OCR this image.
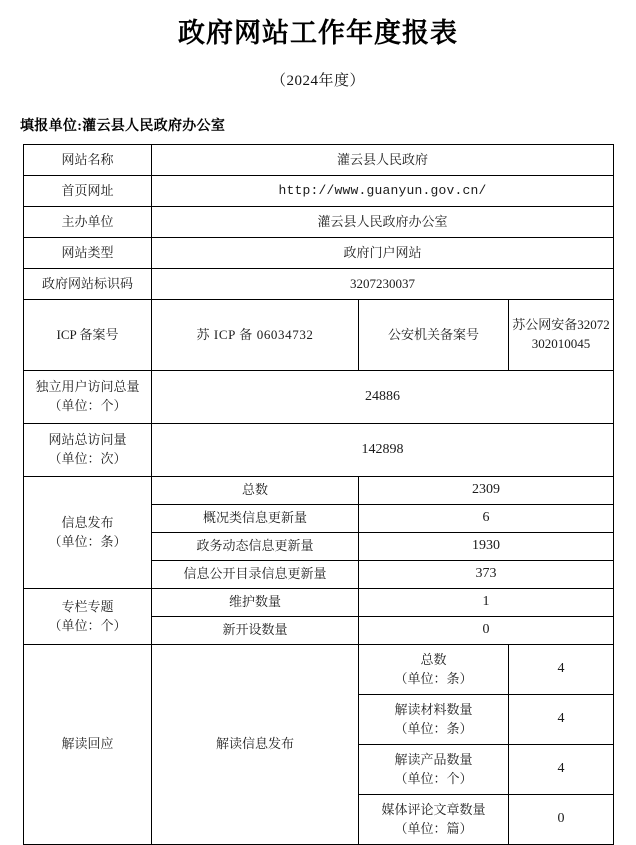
政府网站工作年度报表
（2024年度）
填报单位:灌云县人民政府办公室
网站名称	灌云县人民政府		
首页网址	http://www.guanyun.gov.cn/		
主办单位	灌云县人民政府办公室		
网站类型	政府门户网站		
政府网站标识码	3207230037		
ICP 备案号	苏 ICP 备 06034732	公安机关备案号	苏公网安备32072302010045
独立用户访问总量（单位：个）	24886		
网站总访问量
（单位：次）	142898		
信息发布
（单位：条）	总数	2309	
	概况类信息更新量	6	
	政务动态信息更新量	1930	
	信息公开目录信息更新量	373	
专栏专题
（单位：个）	维护数量	1	
	新开设数量	0	
解读回应	解读信息发布	总数
（单位：条）	4
		解读材料数量
（单位：条）	4
		解读产品数量
（单位：个）	4
		媒体评论文章数量
（单位：篇）	0
